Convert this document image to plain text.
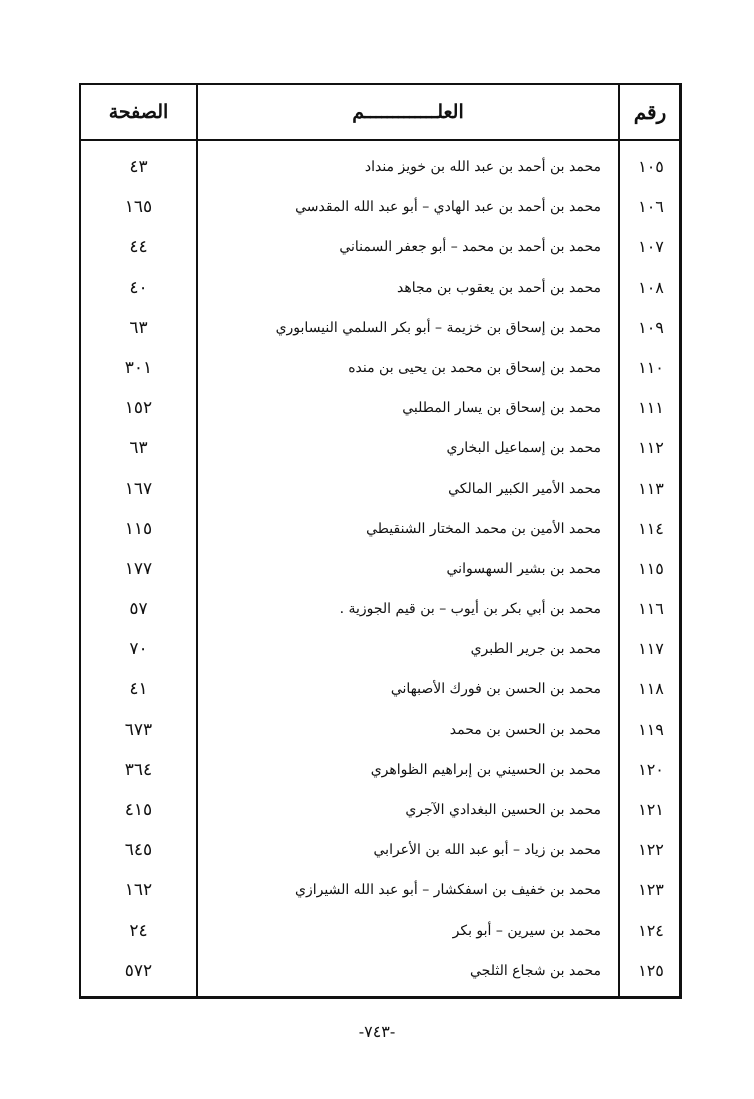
الصفحة	العلـــــــــــــم	رقم
٤٣	محمد بن أحمد بن عبد الله بن خويز منداد	١٠٥
١٦٥	محمد بن أحمد بن عبد الهادي – أبو عبد الله المقدسي	١٠٦
٤٤	محمد بن أحمد بن محمد – أبو جعفر السمناني	١٠٧
٤٠	محمد بن أحمد بن يعقوب بن مجاهد	١٠٨
٦٣	محمد بن إسحاق بن خزيمة – أبو بكر السلمي النيسابوري	١٠٩
٣٠١	محمد بن إسحاق بن محمد بن يحيى بن منده	١١٠
١٥٢	محمد بن إسحاق بن يسار المطلبي	١١١
٦٣	محمد بن إسماعيل البخاري	١١٢
١٦٧	محمد الأمير الكبير المالكي	١١٣
١١٥	محمد الأمين بن محمد المختار الشنقيطي	١١٤
١٧٧	محمد بن بشير السهسواني	١١٥
٥٧	محمد بن أبي بكر بن أيوب – بن قيم الجوزية .	١١٦
٧٠	محمد بن جرير الطبري	١١٧
٤١	محمد بن الحسن بن فورك الأصبهاني	١١٨
٦٧٣	محمد بن الحسن بن محمد	١١٩
٣٦٤	محمد بن الحسيني بن إبراهيم الظواهري	١٢٠
٤١٥	محمد بن الحسين البغدادي الآجري	١٢١
٦٤٥	محمد بن زياد – أبو عبد الله بن الأعرابي	١٢٢
١٦٢	محمد بن خفيف بن اسفكشار – أبو عبد الله الشيرازي	١٢٣
٢٤	محمد بن سيرين – أبو بكر	١٢٤
٥٧٢	محمد بن شجاع الثلجي	١٢٥
-٧٤٣-
